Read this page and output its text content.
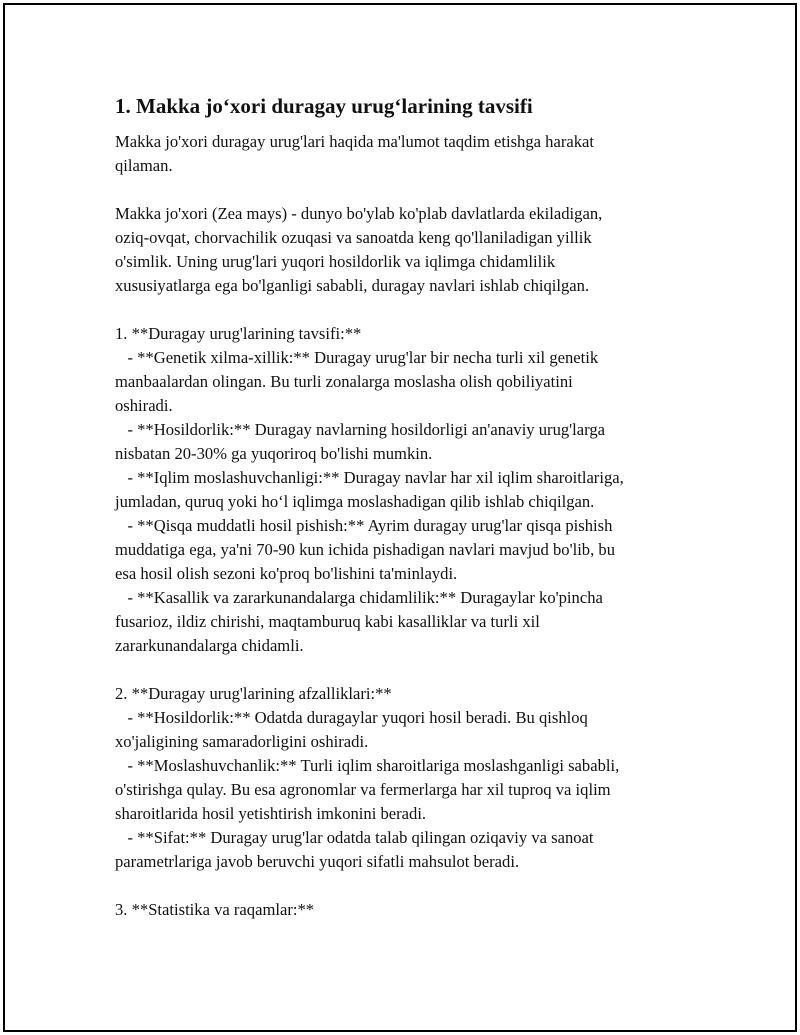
1. Makka jo‘xori duragay urug‘larining tavsifi

Makka jo'xori duragay urug'lari haqida ma'lumot taqdim etishga harakat
qilaman.

Makka jo'xori (Zea mays) - dunyo bo'ylab ko'plab davlatlarda ekiladigan,
oziq-ovqat, chorvachilik ozuqasi va sanoatda keng qo'llaniladigan yillik
o'simlik. Uning urug'lari yuqori hosildorlik va iqlimga chidamlilik
xususiyatlarga ega bo'lganligi sababli, duragay navlari ishlab chiqilgan.

1. **Duragay urug'larining tavsifi:**
- **Genetik xilma-xillik:** Duragay urug'lar bir necha turli xil genetik
manbaalardan olingan. Bu turli zonalarga moslasha olish qobiliyatini
oshiradi.
- **Hosildorlik:** Duragay navlarning hosildorligi an'anaviy urug'larga
nisbatan 20-30% ga yuqoriroq bo'lishi mumkin.
- **Iqlim moslashuvchanligi:** Duragay navlar har xil iqlim sharoitlariga,
jumladan, quruq yoki ho‘l iqlimga moslashadigan qilib ishlab chiqilgan.
- **Qisqa muddatli hosil pishish:** Ayrim duragay urug'lar qisqa pishish
muddatiga ega, ya'ni 70-90 kun ichida pishadigan navlari mavjud bo'lib, bu
esa hosil olish sezoni ko'proq bo'lishini ta'minlaydi.
- **Kasallik va zararkunandalarga chidamlilik:** Duragaylar ko'pincha
fusarioz, ildiz chirishi, maqtamburuq kabi kasalliklar va turli xil
zararkunandalarga chidamli.

2. **Duragay urug'larining afzalliklari:**
- **Hosildorlik:** Odatda duragaylar yuqori hosil beradi. Bu qishloq
xo'jaligining samaradorligini oshiradi.
- **Moslashuvchanlik:** Turli iqlim sharoitlariga moslashganligi sababli,
o'stirishga qulay. Bu esa agronomlar va fermerlarga har xil tuproq va iqlim
sharoitlarida hosil yetishtirish imkonini beradi.
- **Sifat:** Duragay urug'lar odatda talab qilingan oziqaviy va sanoat
parametrlariga javob beruvchi yuqori sifatli mahsulot beradi.

3. **Statistika va raqamlar:**
